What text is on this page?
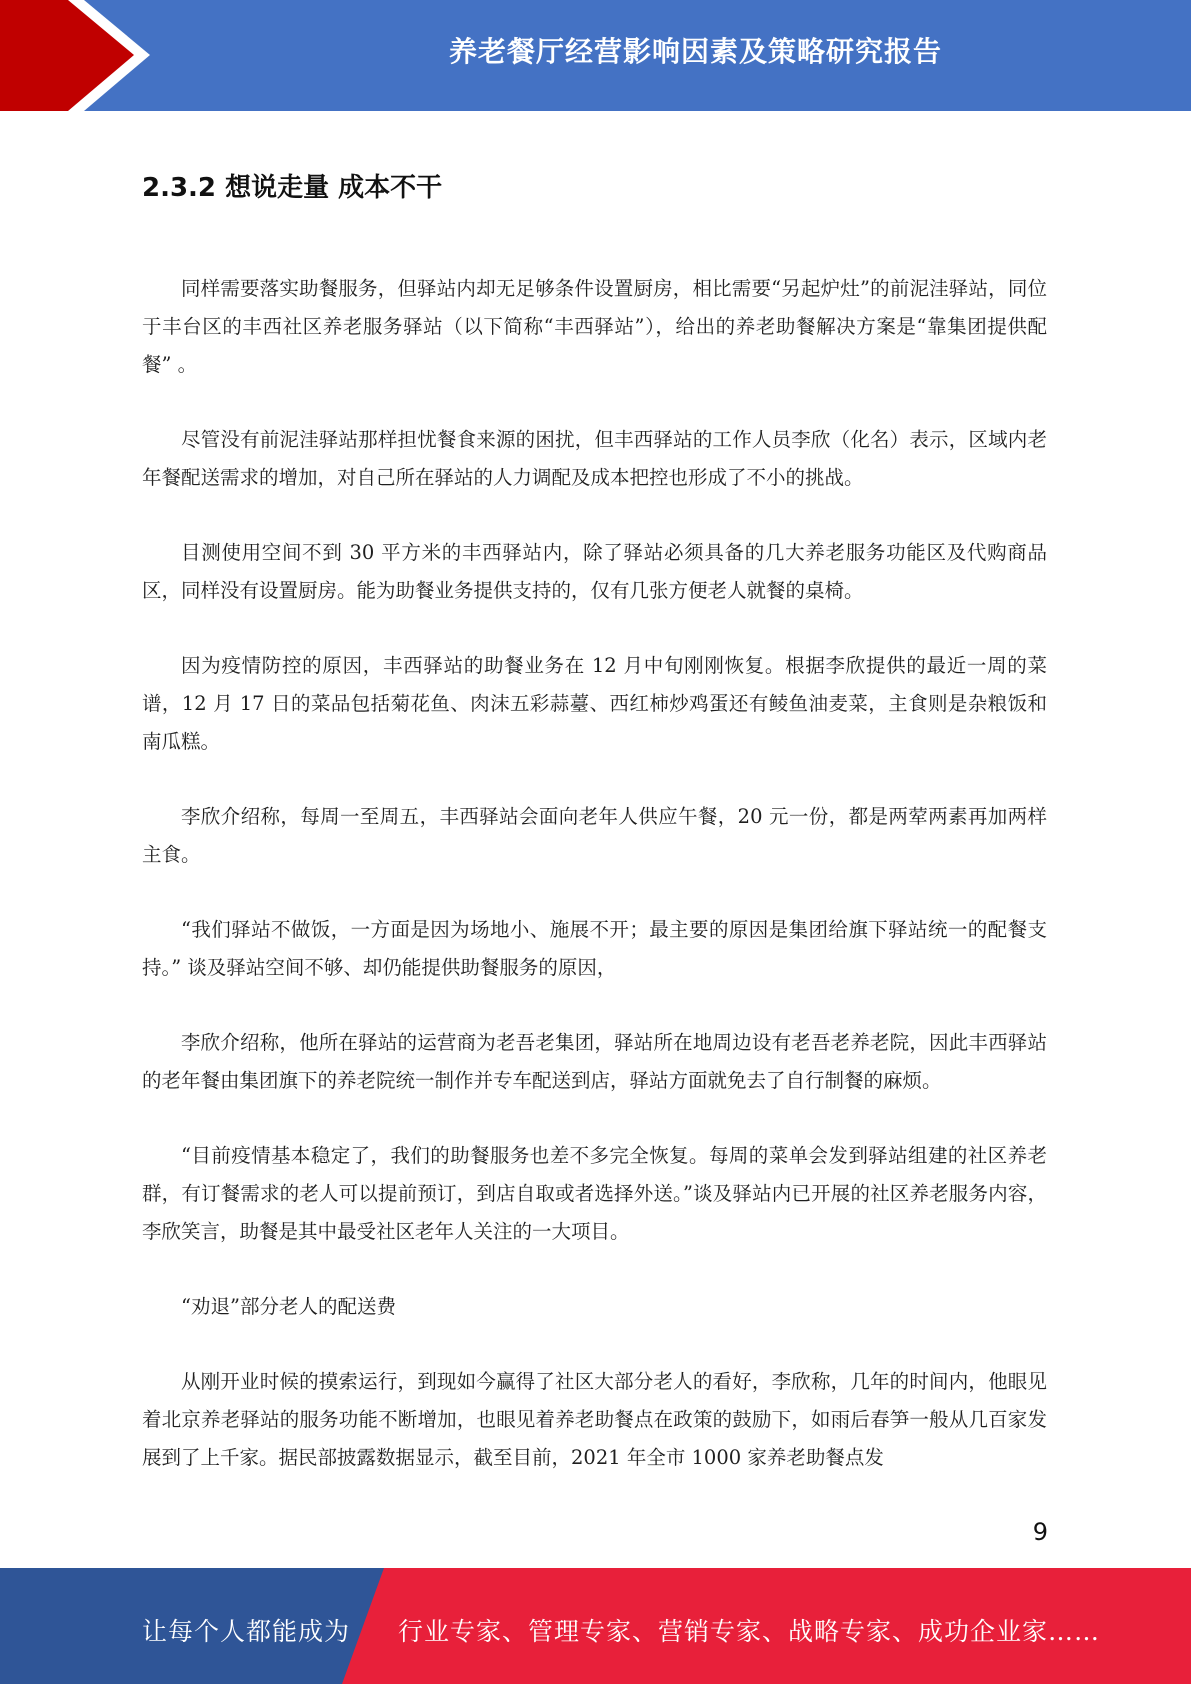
养老餐厅经营影响因素及策略研究报告
2.3.2 想说走量 成本不干

同样需要落实助餐服务，但驿站内却无足够条件设置厨房，相比需要“另起炉灶”的前泥洼驿站，同位于丰台区的丰西社区养老服务驿站（以下简称“丰西驿站”），给出的养老助餐解决方案是“靠集团提供配餐” 。

尽管没有前泥洼驿站那样担忧餐食来源的困扰，但丰西驿站的工作人员李欣（化名）表示，区域内老年餐配送需求的增加，对自己所在驿站的人力调配及成本把控也形成了不小的挑战。

目测使用空间不到 30 平方米的丰西驿站内，除了驿站必须具备的几大养老服务功能区及代购商品区，同样没有设置厨房。能为助餐业务提供支持的，仅有几张方便老人就餐的桌椅。

因为疫情防控的原因，丰西驿站的助餐业务在 12 月中旬刚刚恢复。根据李欣提供的最近一周的菜谱，12 月 17 日的菜品包括菊花鱼、肉沫五彩蒜薹、西红柿炒鸡蛋还有鲮鱼油麦菜，主食则是杂粮饭和南瓜糕。

李欣介绍称，每周一至周五，丰西驿站会面向老年人供应午餐，20 元一份，都是两荤两素再加两样主食。

“我们驿站不做饭，一方面是因为场地小、施展不开；最主要的原因是集团给旗下驿站统一的配餐支持。” 谈及驿站空间不够、却仍能提供助餐服务的原因，

李欣介绍称，他所在驿站的运营商为老吾老集团，驿站所在地周边设有老吾老养老院，因此丰西驿站的老年餐由集团旗下的养老院统一制作并专车配送到店，驿站方面就免去了自行制餐的麻烦。

“目前疫情基本稳定了，我们的助餐服务也差不多完全恢复。每周的菜单会发到驿站组建的社区养老群，有订餐需求的老人可以提前预订，到店自取或者选择外送。”谈及驿站内已开展的社区养老服务内容，李欣笑言，助餐是其中最受社区老年人关注的一大项目。

“劝退”部分老人的配送费

从刚开业时候的摸索运行，到现如今赢得了社区大部分老人的看好，李欣称，几年的时间内，他眼见着北京养老驿站的服务功能不断增加，也眼见着养老助餐点在政策的鼓励下，如雨后春笋一般从几百家发展到了上千家。据民部披露数据显示，截至目前，2021 年全市 1000 家养老助餐点发

9
让每个人都能成为 行业专家、管理专家、营销专家、战略专家、成功企业家……
